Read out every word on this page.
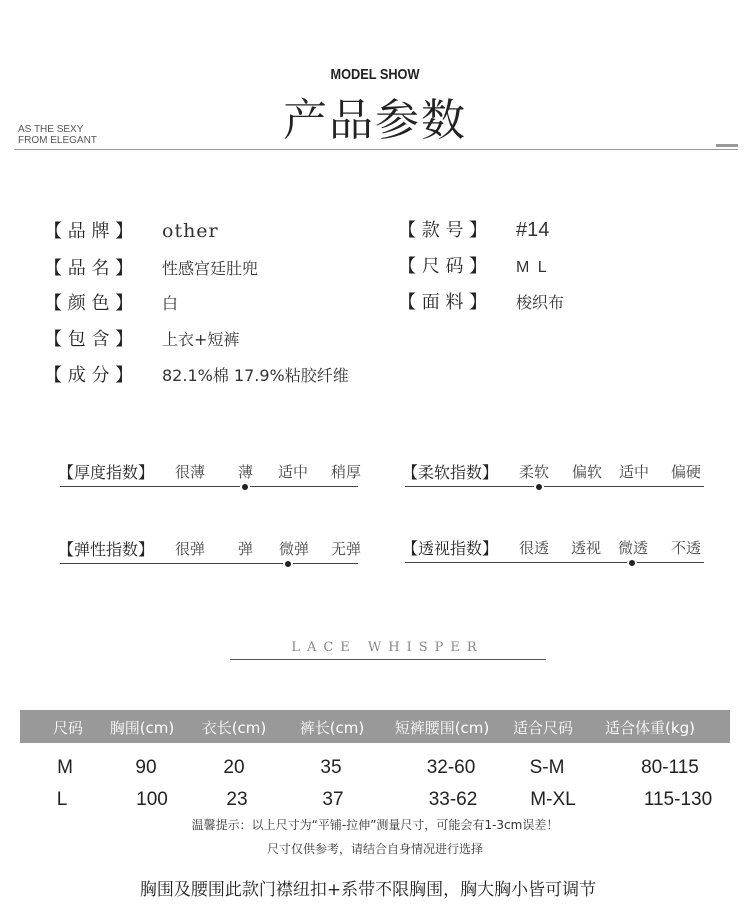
MODEL SHOW
产品参数
AS THE SEXY
FROM ELEGANT
【 品 牌 】 other
【 品 名 】 性感宫廷肚兜
【 颜 色 】 白
【 包 含 】 上衣+短裤
【 成 分 】 82.1%棉 17.9%粘胶纤维
【 款 号 】 #14
【 尺 码 】 M L
【 面 料 】 梭织布
【厚度指数】 很薄 薄 适中 稍厚	【柔软指数】 柔软 偏软 适中 偏硬
【弹性指数】 很弹 弹 微弹 无弹	【透视指数】 很透 透视 微透 不透
LACE WHISPER
尺码	胸围(cm)	衣长(cm)	裤长(cm)	短裤腰围(cm)	适合尺码	适合体重(kg)
M	90	20	35	32-60	S-M	80-115
L	100	23	37	33-62	M-XL	115-130
温馨提示：以上尺寸为“平铺-拉伸”测量尺寸，可能会有1-3cm误差！
尺寸仅供参考，请结合自身情况进行选择
胸围及腰围此款门襟纽扣+系带不限胸围，胸大胸小皆可调节
